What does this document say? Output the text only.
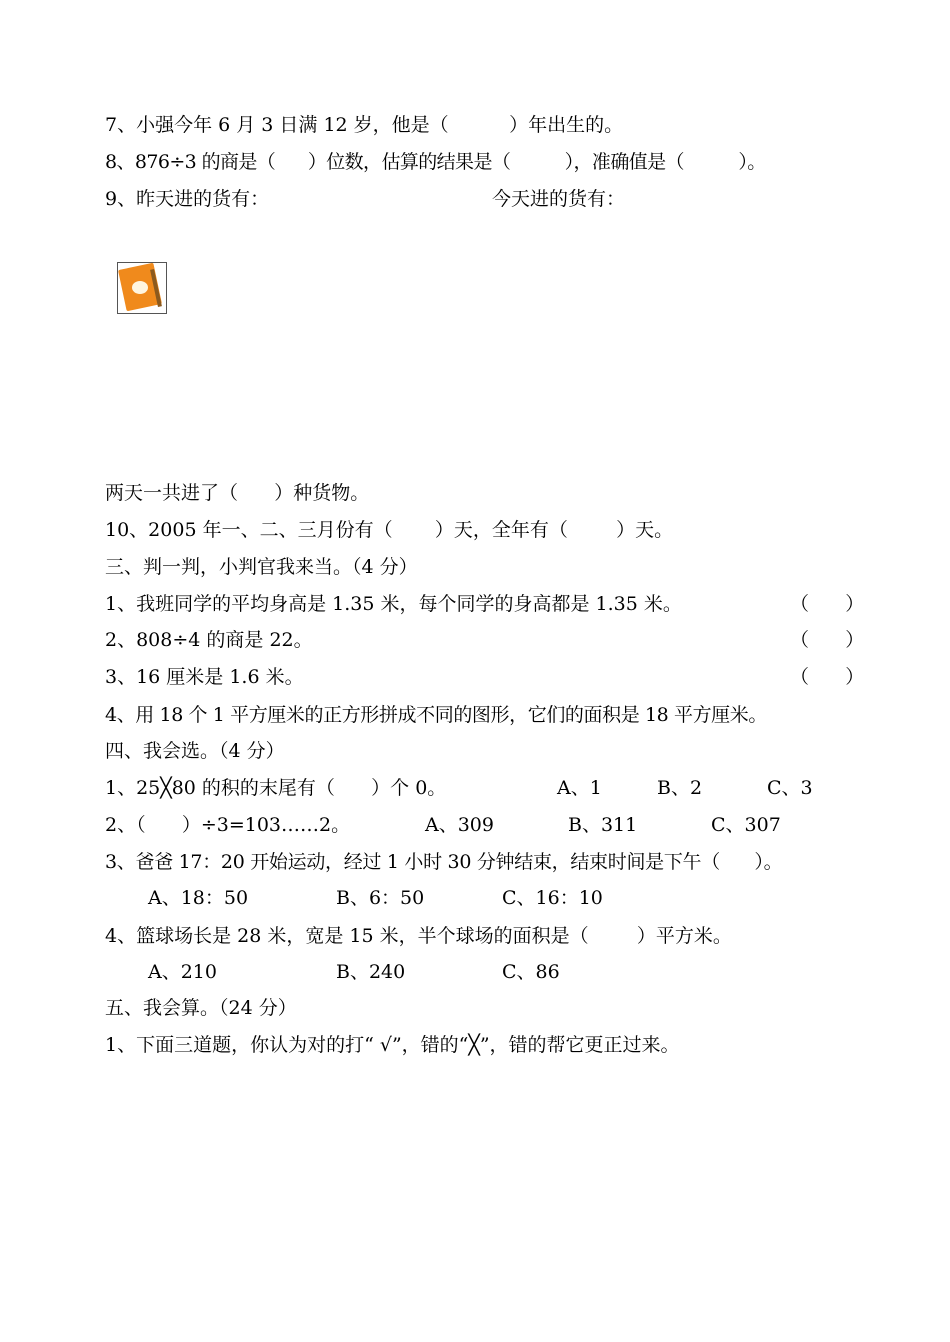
7、小强今年 6 月 3 日满 12 岁，他是（          ）年出生的。
8、876÷3 的商是（      ）位数，估算的结果是（          ），准确值是（          ）。
9、昨天进的货有：	今天进的货有：
两天一共进了（      ）种货物。
10、2005 年一、二、三月份有（       ）天，全年有（        ）天。
三、判一判，小判官我来当。（4 分）
1、我班同学的平均身高是 1.35 米，每个同学的身高都是 1.35 米。	（      ）
2、808÷4 的商是 22。	（      ）
3、16 厘米是 1.6 米。	（      ）
4、用 18 个 1 平方厘米的正方形拼成不同的图形，它们的面积是 18 平方厘米。
四、我会选。（4 分）
1、25╳80 的积的末尾有（      ）个 0。	A、1	B、2	C、3
2、（      ）÷3=103……2。	A、309	B、311	C、307
3、爸爸 17：20 开始运动，经过 1 小时 30 分钟结束，结束时间是下午（      ）。
A、18：50	B、6：50	C、16：10
4、篮球场长是 28 米，宽是 15 米，半个球场的面积是（        ）平方米。
A、210	B、240	C、86
五、我会算。（24 分）
1、下面三道题，你认为对的打“ √”，错的“╳”，错的帮它更正过来。
